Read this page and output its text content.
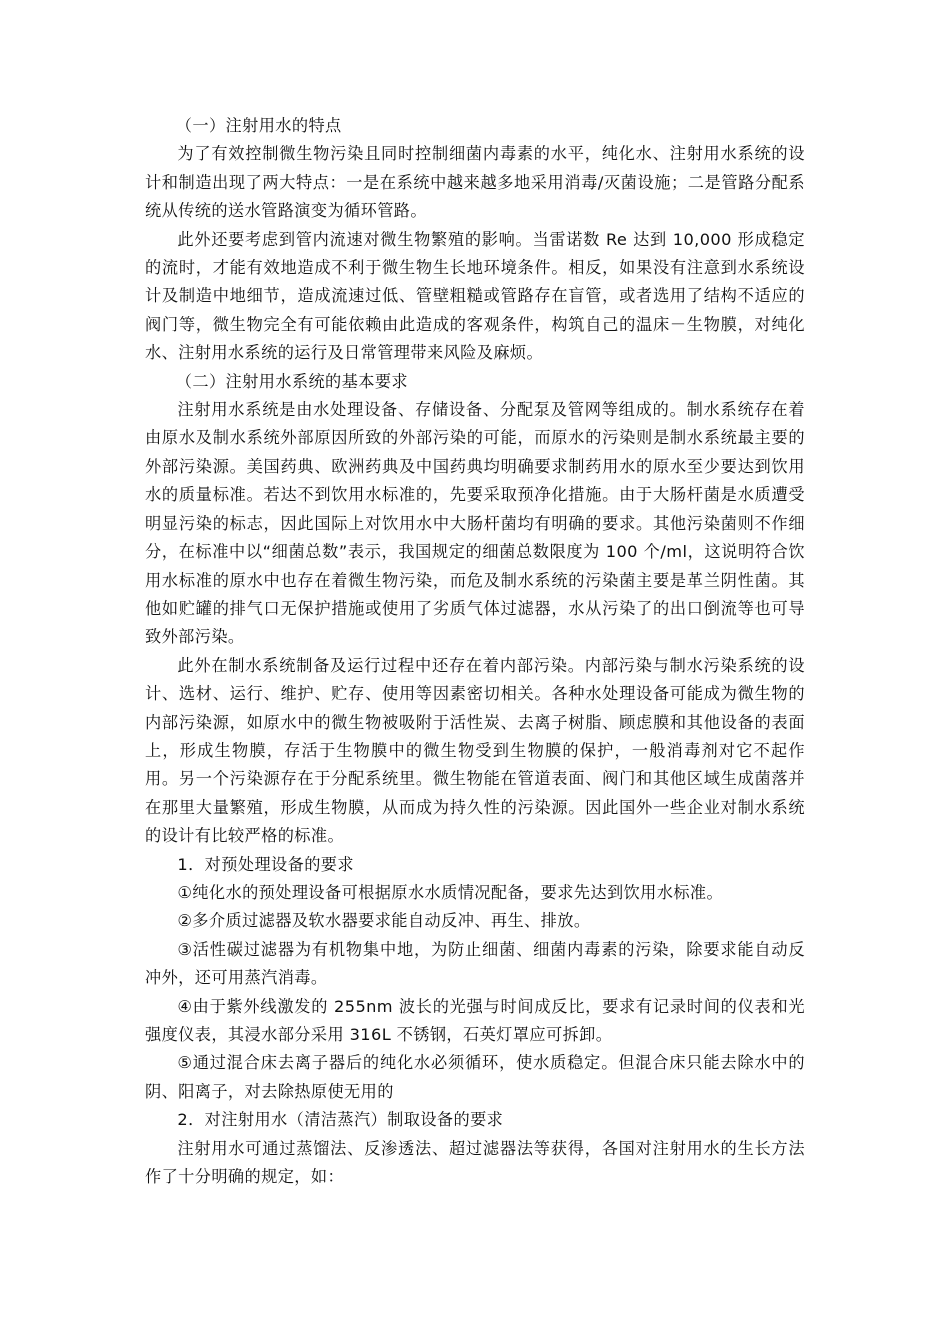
（一）注射用水的特点

为了有效控制微生物污染且同时控制细菌内毒素的水平，纯化水、注射用水系统的设计和制造出现了两大特点：一是在系统中越来越多地采用消毒/灭菌设施；二是管路分配系统从传统的送水管路演变为循环管路。

此外还要考虑到管内流速对微生物繁殖的影响。当雷诺数 Re 达到 10,000 形成稳定的流时，才能有效地造成不利于微生物生长地环境条件。相反，如果没有注意到水系统设计及制造中地细节，造成流速过低、管壁粗糙或管路存在盲管，或者选用了结构不适应的阀门等，微生物完全有可能依赖由此造成的客观条件，构筑自己的温床－生物膜，对纯化水、注射用水系统的运行及日常管理带来风险及麻烦。

（二）注射用水系统的基本要求

注射用水系统是由水处理设备、存储设备、分配泵及管网等组成的。制水系统存在着由原水及制水系统外部原因所致的外部污染的可能，而原水的污染则是制水系统最主要的外部污染源。美国药典、欧洲药典及中国药典均明确要求制药用水的原水至少要达到饮用水的质量标准。若达不到饮用水标准的，先要采取预净化措施。由于大肠杆菌是水质遭受明显污染的标志，因此国际上对饮用水中大肠杆菌均有明确的要求。其他污染菌则不作细分，在标准中以“细菌总数”表示，我国规定的细菌总数限度为 100 个/ml，这说明符合饮用水标准的原水中也存在着微生物污染，而危及制水系统的污染菌主要是革兰阴性菌。其他如贮罐的排气口无保护措施或使用了劣质气体过滤器，水从污染了的出口倒流等也可导致外部污染。

此外在制水系统制备及运行过程中还存在着内部污染。内部污染与制水污染系统的设计、选材、运行、维护、贮存、使用等因素密切相关。各种水处理设备可能成为微生物的内部污染源，如原水中的微生物被吸附于活性炭、去离子树脂、顾虑膜和其他设备的表面上，形成生物膜，存活于生物膜中的微生物受到生物膜的保护，一般消毒剂对它不起作用。另一个污染源存在于分配系统里。微生物能在管道表面、阀门和其他区域生成菌落并在那里大量繁殖，形成生物膜，从而成为持久性的污染源。因此国外一些企业对制水系统的设计有比较严格的标准。

1．对预处理设备的要求

①纯化水的预处理设备可根据原水水质情况配备，要求先达到饮用水标准。

②多介质过滤器及软水器要求能自动反冲、再生、排放。

③活性碳过滤器为有机物集中地，为防止细菌、细菌内毒素的污染，除要求能自动反冲外，还可用蒸汽消毒。

④由于紫外线激发的 255nm 波长的光强与时间成反比，要求有记录时间的仪表和光强度仪表，其浸水部分采用 316L 不锈钢，石英灯罩应可拆卸。

⑤通过混合床去离子器后的纯化水必须循环，使水质稳定。但混合床只能去除水中的阴、阳离子，对去除热原使无用的

2．对注射用水（清洁蒸汽）制取设备的要求

注射用水可通过蒸馏法、反渗透法、超过滤器法等获得，各国对注射用水的生长方法作了十分明确的规定，如：
